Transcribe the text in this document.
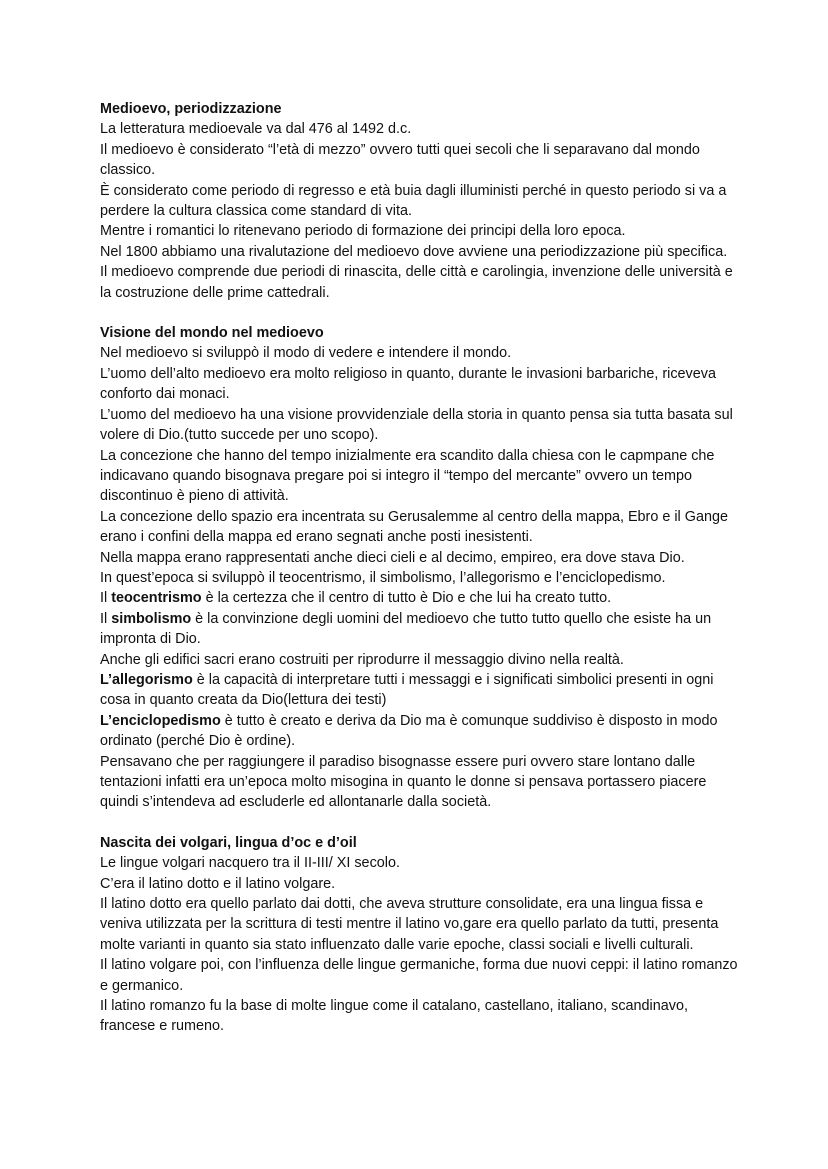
Medioevo, periodizzazione
La letteratura medioevale va dal 476 al 1492 d.c.
Il medioevo è considerato “l’età di mezzo” ovvero tutti quei secoli che li separavano dal mondo classico.
È considerato come periodo di regresso e età buia dagli illuministi perché in questo periodo si va a perdere la cultura classica come standard di vita.
Mentre i romantici lo ritenevano periodo di formazione dei principi della loro epoca.
Nel 1800 abbiamo una rivalutazione del medioevo dove avviene una periodizzazione più specifica.
Il medioevo comprende due periodi di rinascita, delle città e carolingia, invenzione delle università e la costruzione delle prime cattedrali.
Visione del mondo nel medioevo
Nel medioevo si sviluppò il modo di vedere e intendere il mondo.
L’uomo dell’alto medioevo era molto religioso in quanto, durante le invasioni barbariche, riceveva conforto dai monaci.
L’uomo del medioevo ha una visione provvidenziale della storia in quanto pensa sia tutta basata sul volere di Dio.(tutto succede per uno scopo).
La concezione che hanno del tempo inizialmente era scandito dalla chiesa con le capmpane che indicavano quando bisognava pregare poi si integro il “tempo del mercante” ovvero un tempo discontinuo è pieno di attività.
La concezione dello spazio era incentrata su Gerusalemme al centro della mappa, Ebro e il Gange erano i confini della mappa ed erano segnati anche posti inesistenti.
Nella mappa erano rappresentati anche dieci cieli e al decimo, empireo, era dove stava Dio.
In quest’epoca si sviluppò il teocentrismo, il simbolismo, l’allegorismo e l’enciclopedismo.
Il teocentrismo è la certezza che il centro di tutto è Dio e che lui ha creato tutto.
Il simbolismo è la convinzione degli uomini del medioevo che tutto tutto quello che esiste ha un impronta di Dio.
Anche gli edifici sacri erano costruiti per riprodurre il messaggio divino nella realtà.
L’allegorismo è la capacità di interpretare tutti i messaggi e i significati simbolici presenti in ogni cosa in quanto creata da Dio(lettura dei testi)
L’enciclopedismo è tutto è creato e deriva da Dio ma è comunque suddiviso è disposto in modo ordinato (perché Dio è ordine).
Pensavano che per raggiungere il paradiso bisognasse essere puri ovvero stare lontano dalle tentazioni infatti era un’epoca molto misogina in quanto le donne si pensava portassero piacere quindi s’intendeva ad escluderle ed allontanarle dalla società.
Nascita dei volgari, lingua d’oc e d’oil
Le lingue volgari nacquero tra il II-III/ XI secolo.
C’era il latino dotto e il latino volgare.
Il latino dotto era quello parlato dai dotti, che aveva strutture consolidate, era una lingua fissa e veniva utilizzata per la scrittura di testi mentre il latino vo,gare era quello parlato da tutti, presenta molte varianti in quanto sia stato influenzato dalle varie epoche, classi sociali e livelli culturali.
Il latino volgare poi, con l’influenza delle lingue germaniche, forma due nuovi ceppi: il latino romanzo e germanico.
Il latino romanzo fu la base di molte lingue come il catalano, castellano, italiano, scandinavo, francese e rumeno.
